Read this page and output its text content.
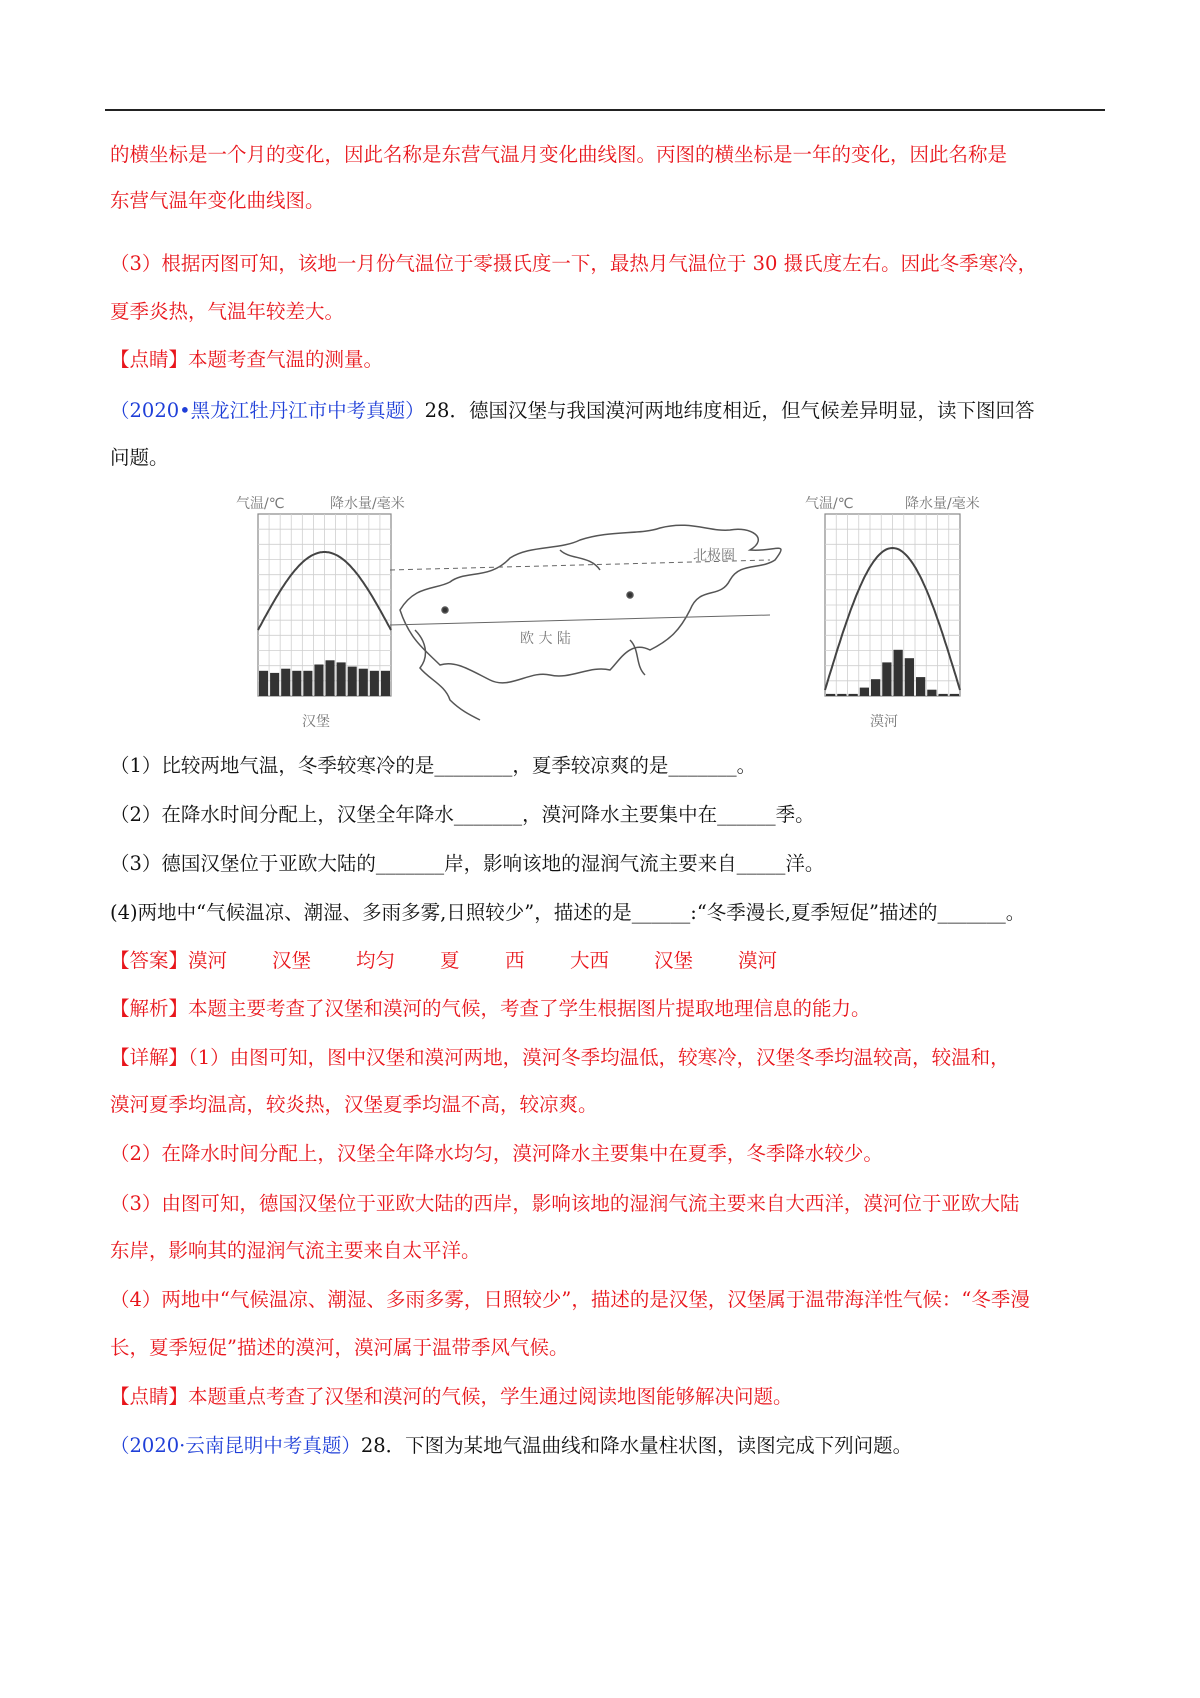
的横坐标是一个月的变化，因此名称是东营气温月变化曲线图。丙图的横坐标是一年的变化，因此名称是
东营气温年变化曲线图。
（3）根据丙图可知，该地一月份气温位于零摄氏度一下，最热月气温位于 30 摄氏度左右。因此冬季寒冷，
夏季炎热，气温年较差大。
【点睛】本题考查气温的测量。
（2020•黑龙江牡丹江市中考真题）28．德国汉堡与我国漠河两地纬度相近，但气候差异明显，读下图回答
问题。
气温/℃	降水量/毫米
汉堡
欧 大 陆
北极圈
气温/℃	降水量/毫米
漠河
（1）比较两地气温，冬季较寒冷的是________，夏季较凉爽的是_______。
（2）在降水时间分配上，汉堡全年降水_______，漠河降水主要集中在______季。
（3）德国汉堡位于亚欧大陆的_______岸，影响该地的湿润气流主要来自_____洋。
(4)两地中“气候温凉、潮湿、多雨多雾,日照较少”，描述的是______:“冬季漫长,夏季短促”描述的_______。
【答案】 漠河	汉堡	均匀	夏	西	大西	汉堡	漠河
【解析】本题主要考查了汉堡和漠河的气候，考查了学生根据图片提取地理信息的能力。
【详解】（1）由图可知，图中汉堡和漠河两地，漠河冬季均温低，较寒冷，汉堡冬季均温较高，较温和，
漠河夏季均温高，较炎热，汉堡夏季均温不高，较凉爽。
（2）在降水时间分配上，汉堡全年降水均匀，漠河降水主要集中在夏季，冬季降水较少。
（3）由图可知，德国汉堡位于亚欧大陆的西岸，影响该地的湿润气流主要来自大西洋，漠河位于亚欧大陆
东岸，影响其的湿润气流主要来自太平洋。
（4）两地中“气候温凉、潮湿、多雨多雾，日照较少”，描述的是汉堡，汉堡属于温带海洋性气候：“冬季漫
长，夏季短促”描述的漠河，漠河属于温带季风气候。
【点睛】本题重点考查了汉堡和漠河的气候，学生通过阅读地图能够解决问题。
（2020·云南昆明中考真题）28．下图为某地气温曲线和降水量柱状图，读图完成下列问题。
